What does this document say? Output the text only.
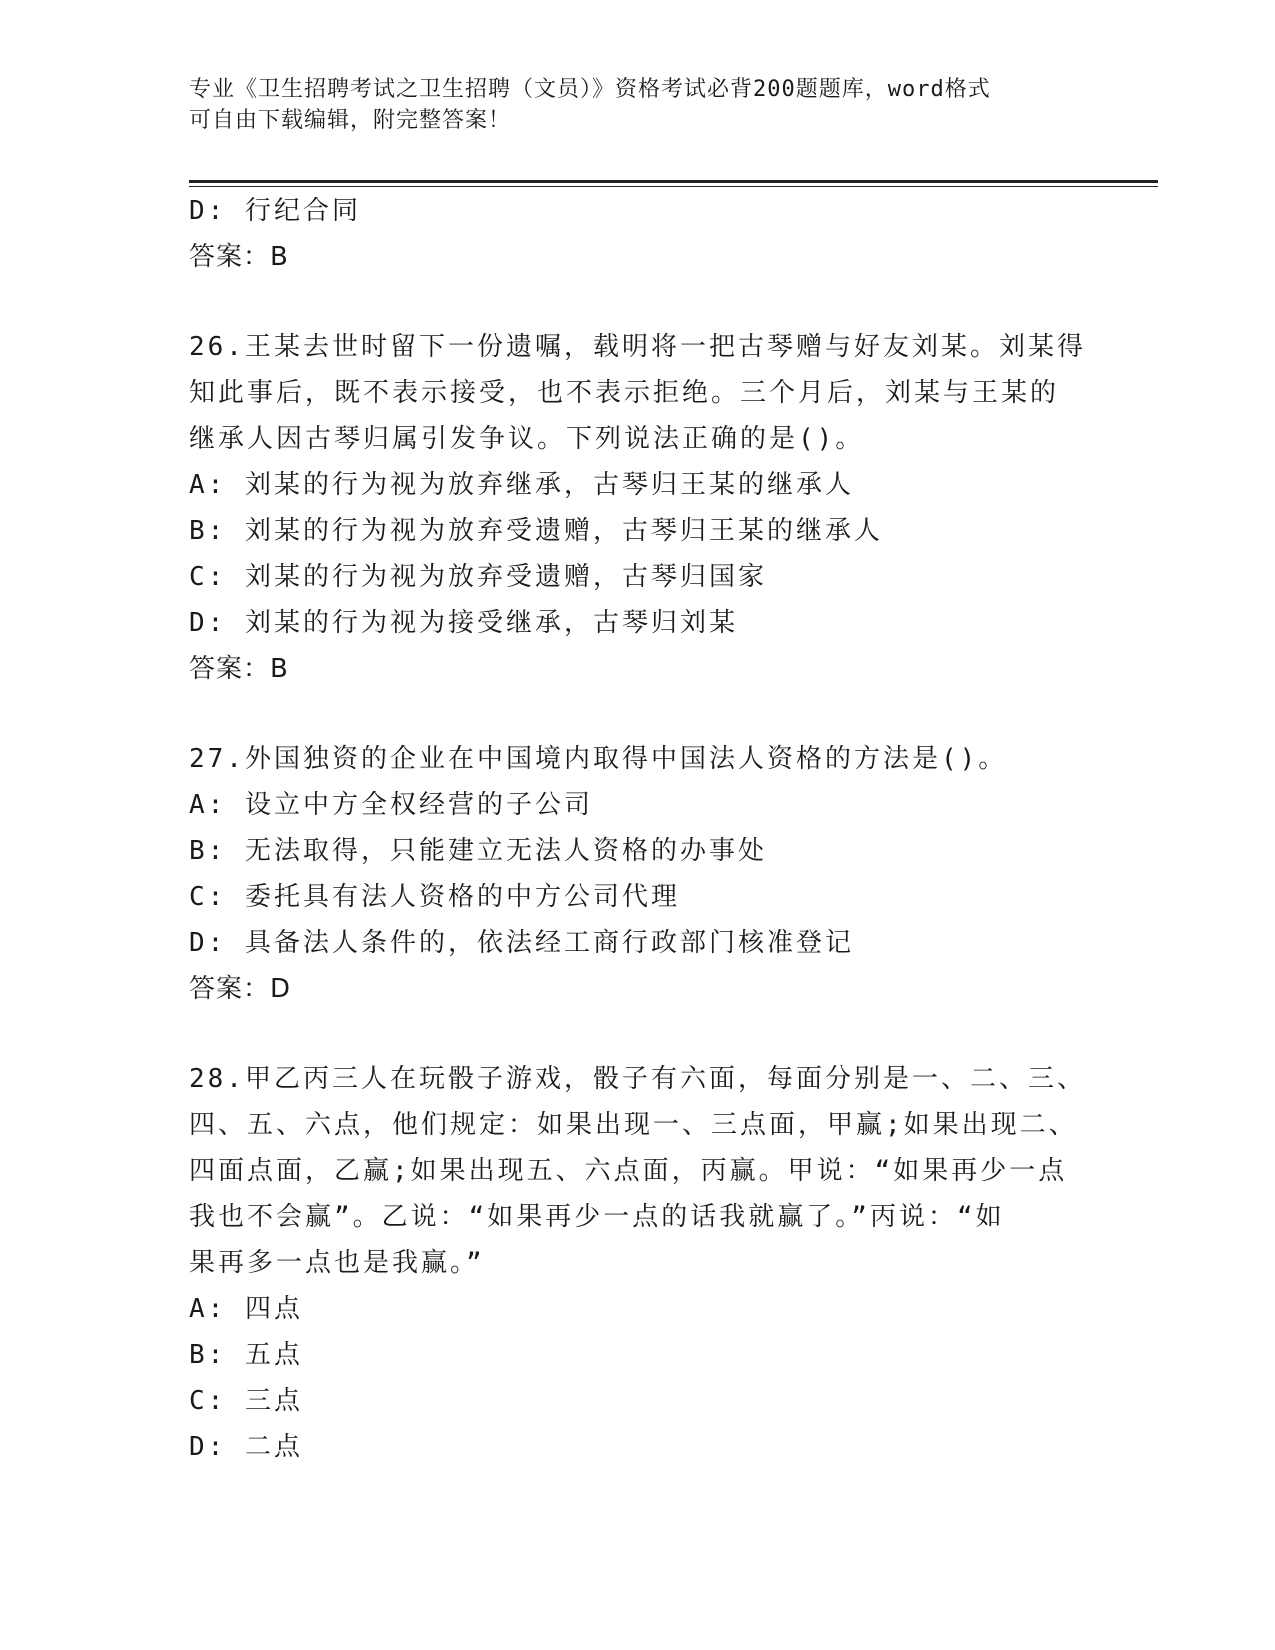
专业《卫生招聘考试之卫生招聘（文员）》资格考试必背200题题库，word格式
可自由下载编辑，附完整答案！
D: 行纪合同
答案：B
26.王某去世时留下一份遗嘱，载明将一把古琴赠与好友刘某。刘某得
知此事后，既不表示接受，也不表示拒绝。三个月后，刘某与王某的
继承人因古琴归属引发争议。下列说法正确的是()。
A: 刘某的行为视为放弃继承，古琴归王某的继承人
B: 刘某的行为视为放弃受遗赠，古琴归王某的继承人
C: 刘某的行为视为放弃受遗赠，古琴归国家
D: 刘某的行为视为接受继承，古琴归刘某
答案：B
27.外国独资的企业在中国境内取得中国法人资格的方法是()。
A: 设立中方全权经营的子公司
B: 无法取得，只能建立无法人资格的办事处
C: 委托具有法人资格的中方公司代理
D: 具备法人条件的，依法经工商行政部门核准登记
答案：D
28.甲乙丙三人在玩骰子游戏，骰子有六面，每面分别是一、二、三、
四、五、六点，他们规定：如果出现一、三点面，甲赢;如果出现二、
四面点面，乙赢;如果出现五、六点面，丙赢。甲说：“如果再少一点
我也不会赢”。乙说：“如果再少一点的话我就赢了。”丙说：“如
果再多一点也是我赢。”
A: 四点
B: 五点
C: 三点
D: 二点
